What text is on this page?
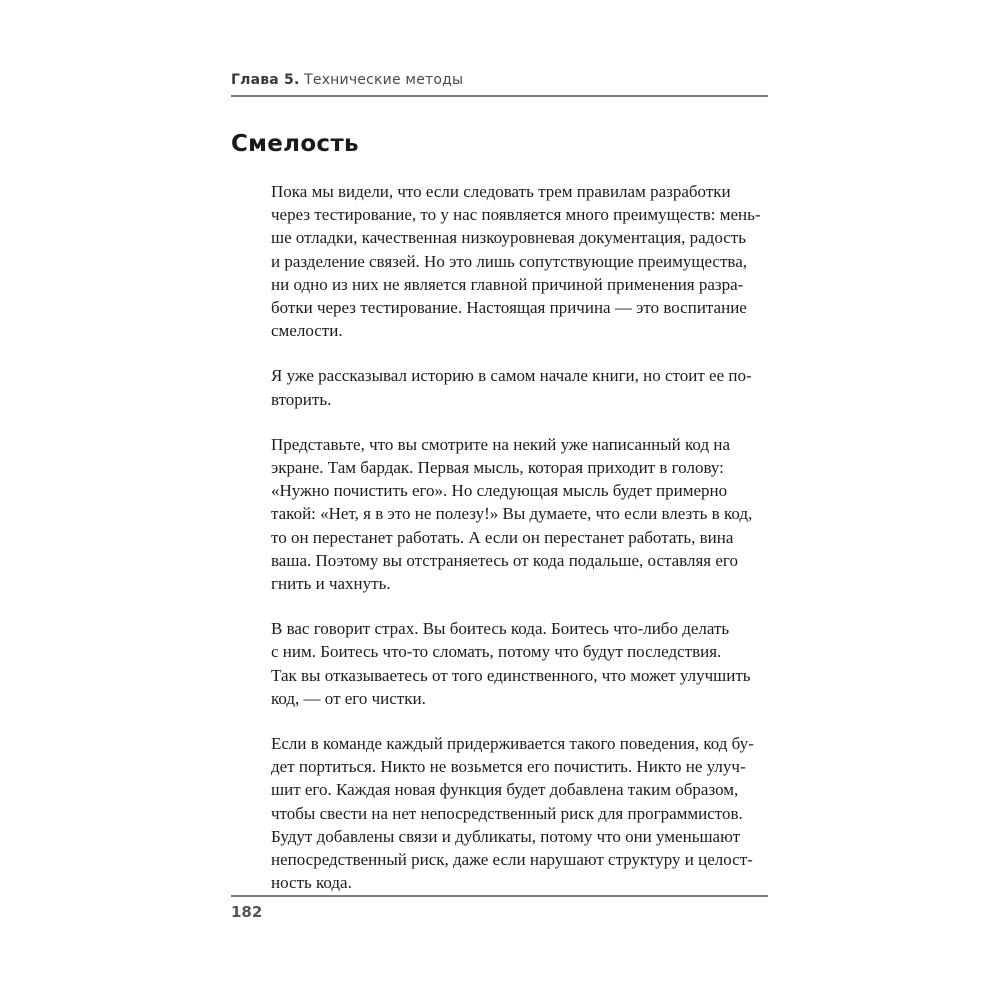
Глава 5. Технические методы
Смелость

Пока мы видели, что если следовать трем правилам разработки
через тестирование, то у нас появляется много преимуществ: мень-
ше отладки, качественная низкоуровневая документация, радость
и разделение связей. Но это лишь сопутствующие преимущества,
ни одно из них не является главной причиной применения разра-
ботки через тестирование. Настоящая причина — это воспитание
смелости.

Я уже рассказывал историю в самом начале книги, но стоит ее по-
вторить.

Представьте, что вы смотрите на некий уже написанный код на
экране. Там бардак. Первая мысль, которая приходит в голову:
«Нужно почистить его». Но следующая мысль будет примерно
такой: «Нет, я в это не полезу!» Вы думаете, что если влезть в код,
то он перестанет работать. А если он перестанет работать, вина
ваша. Поэтому вы отстраняетесь от кода подальше, оставляя его
гнить и чахнуть.

В вас говорит страх. Вы боитесь кода. Боитесь что-либо делать
с ним. Боитесь что-то сломать, потому что будут последствия.
Так вы отказываетесь от того единственного, что может улучшить
код, — от его чистки.

Если в команде каждый придерживается такого поведения, код бу-
дет портиться. Никто не возьмется его почистить. Никто не улуч-
шит его. Каждая новая функция будет добавлена таким образом,
чтобы свести на нет непосредственный риск для программистов.
Будут добавлены связи и дубликаты, потому что они уменьшают
непосредственный риск, даже если нарушают структуру и целост-
ность кода.

182
